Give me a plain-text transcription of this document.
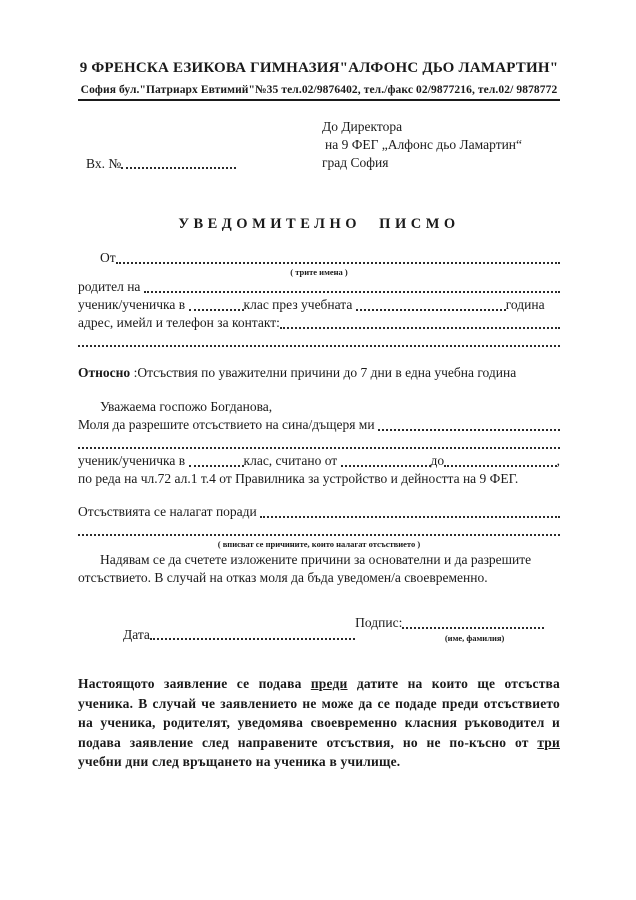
9 ФРЕНСКА ЕЗИКОВА ГИМНАЗИЯ"АЛФОНС ДЬО ЛАМАРТИН"
София бул."Патриарх Евтимий"№35 тел.02/9876402, тел./факс 02/9877216, тел.02/ 9878772
Вх. №
До Директора
на 9 ФЕГ „Алфонс дьо Ламартин“
град София
УВЕДОМИТЕЛНО ПИСМО
От
( трите имена )
родител на
ученик/ученичка в	клас през учебната	година
адрес, имейл и телефон за контакт:
Относно :Отсъствия по уважителни причини до 7 дни в една учебна година
Уважаема госпожо Богданова,
Моля да разрешите отсъствието на сина/дъщеря ми
ученик/ученичка в	клас, считано от	до	,
по реда на чл.72 ал.1 т.4 от Правилника за устройство и дейността на 9 ФЕГ.
Отсъствията се налагат поради
( вписват се причините, които налагат отсъствието )
Надявам се да счетете изложените причини за основателни и да разрешите отсъствието. В случай на отказ моля да бъда уведомен/а своевременно.
Дата
Подпис:
(име, фамилия)
Настоящото заявление се подава преди датите на които ще отсъства ученика. В случай че заявлението не може да се подаде преди отсъствието на ученика, родителят, уведомява своевременно класния ръководител и подава заявление след направените отсъствия, но не по-късно от три учебни дни след връщането на ученика в училище.
